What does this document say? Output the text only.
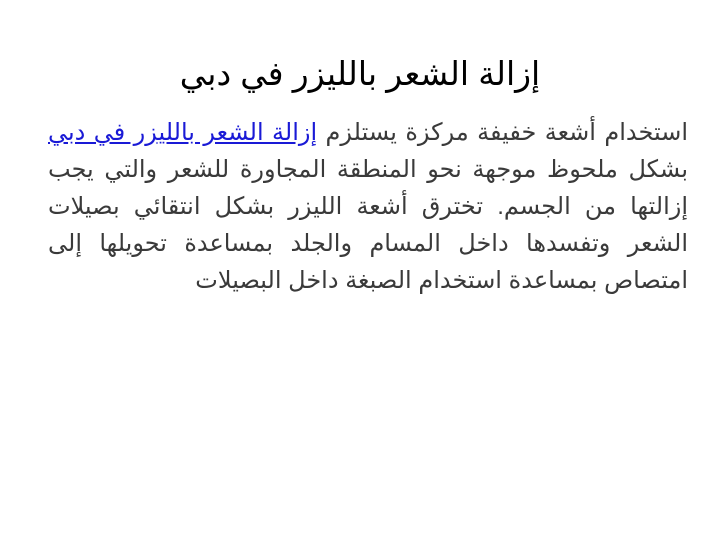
إزالة الشعر بالليزر في دبي
استخدام أشعة خفيفة مركزة يستلزم إزالة الشعر بالليزر في دبي بشكل ملحوظ موجهة نحو المنطقة المجاورة للشعر والتي يجب إزالتها من الجسم. تخترق أشعة الليزر بشكل انتقائي بصيلات الشعر وتفسدها داخل المسام والجلد بمساعدة تحويلها إلى امتصاص بمساعدة استخدام الصبغة داخل البصيلات
